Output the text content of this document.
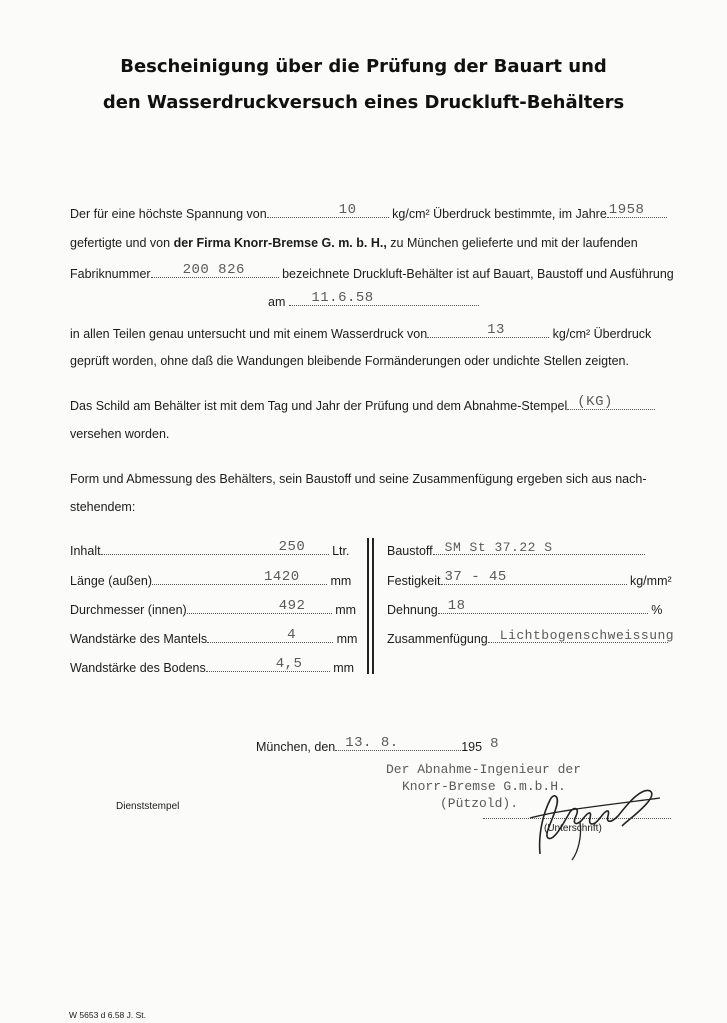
Bescheinigung über die Prüfung der Bauart und
den Wasserdruckversuch eines Druckluft-Behälters
Der für eine höchste Spannung von	10	kg/cm² Überdruck bestimmte, im Jahre 1958
gefertigte und von der Firma Knorr-Bremse G. m. b. H., zu München gelieferte und mit der laufenden
Fabriknummer 200 826	bezeichnete Druckluft-Behälter ist auf Bauart, Baustoff und Ausführung
am 11.6.58
in allen Teilen genau untersucht und mit einem Wasserdruck von	13	kg/cm² Überdruck
geprüft worden, ohne daß die Wandungen bleibende Formänderungen oder undichte Stellen zeigten.
Das Schild am Behälter ist mit dem Tag und Jahr der Prüfung und dem Abnahme-Stempel (KG)
versehen worden.
Form und Abmessung des Behälters, sein Baustoff und seine Zusammenfügung ergeben sich aus nach-
stehendem:
Inhalt	250 Ltr.
Länge (außen)	1420 mm
Durchmesser (innen)	492 mm
Wandstärke des Mantels	4	mm
Wandstärke des Bodens	4,5 mm
Baustoff SM St 37.22 S
Festigkeit 37 - 45	kg/mm²
Dehnung 18	%
Zusammenfügung Lichtbogenschweissung
München, den 13. 8.	195 8
Der Abnahme-Ingenieur der
Knorr-Bremse G.m.b.H.
(Pützold).
(Unterschrift)
Dienststempel
W 5653 d 6.58 J. St.
